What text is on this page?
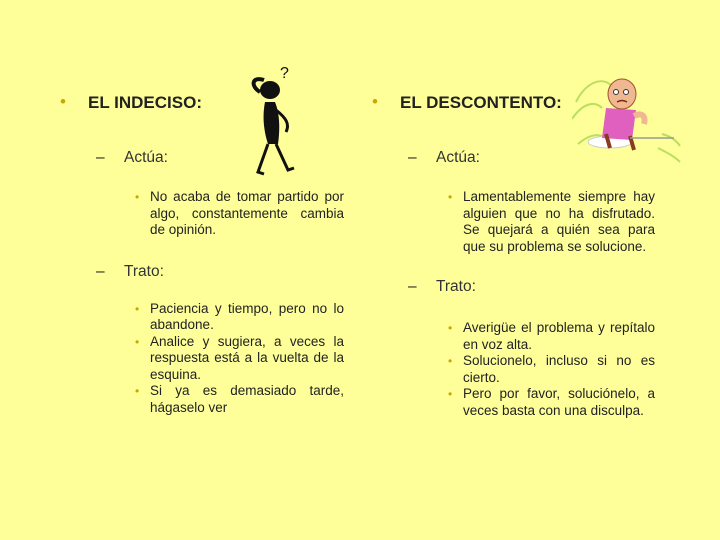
• EL INDECISO:
– Actúa:
• No acaba de tomar partido por algo, constantemente cambia de opinión.
– Trato:
• Paciencia y tiempo, pero no lo abandone.
• Analice y sugiera, a veces la respuesta está a la vuelta de la esquina.
• Si ya es demasiado tarde, hágaselo ver
?
• EL DESCONTENTO:
– Actúa:
• Lamentablemente siempre hay alguien que no ha disfrutado. Se quejará a quién sea para que su problema se solucione.
– Trato:
• Averigüe el problema y repítalo en voz alta.
• Solucionelo, incluso si no es cierto.
• Pero por favor, soluciónelo, a veces basta con una disculpa.
